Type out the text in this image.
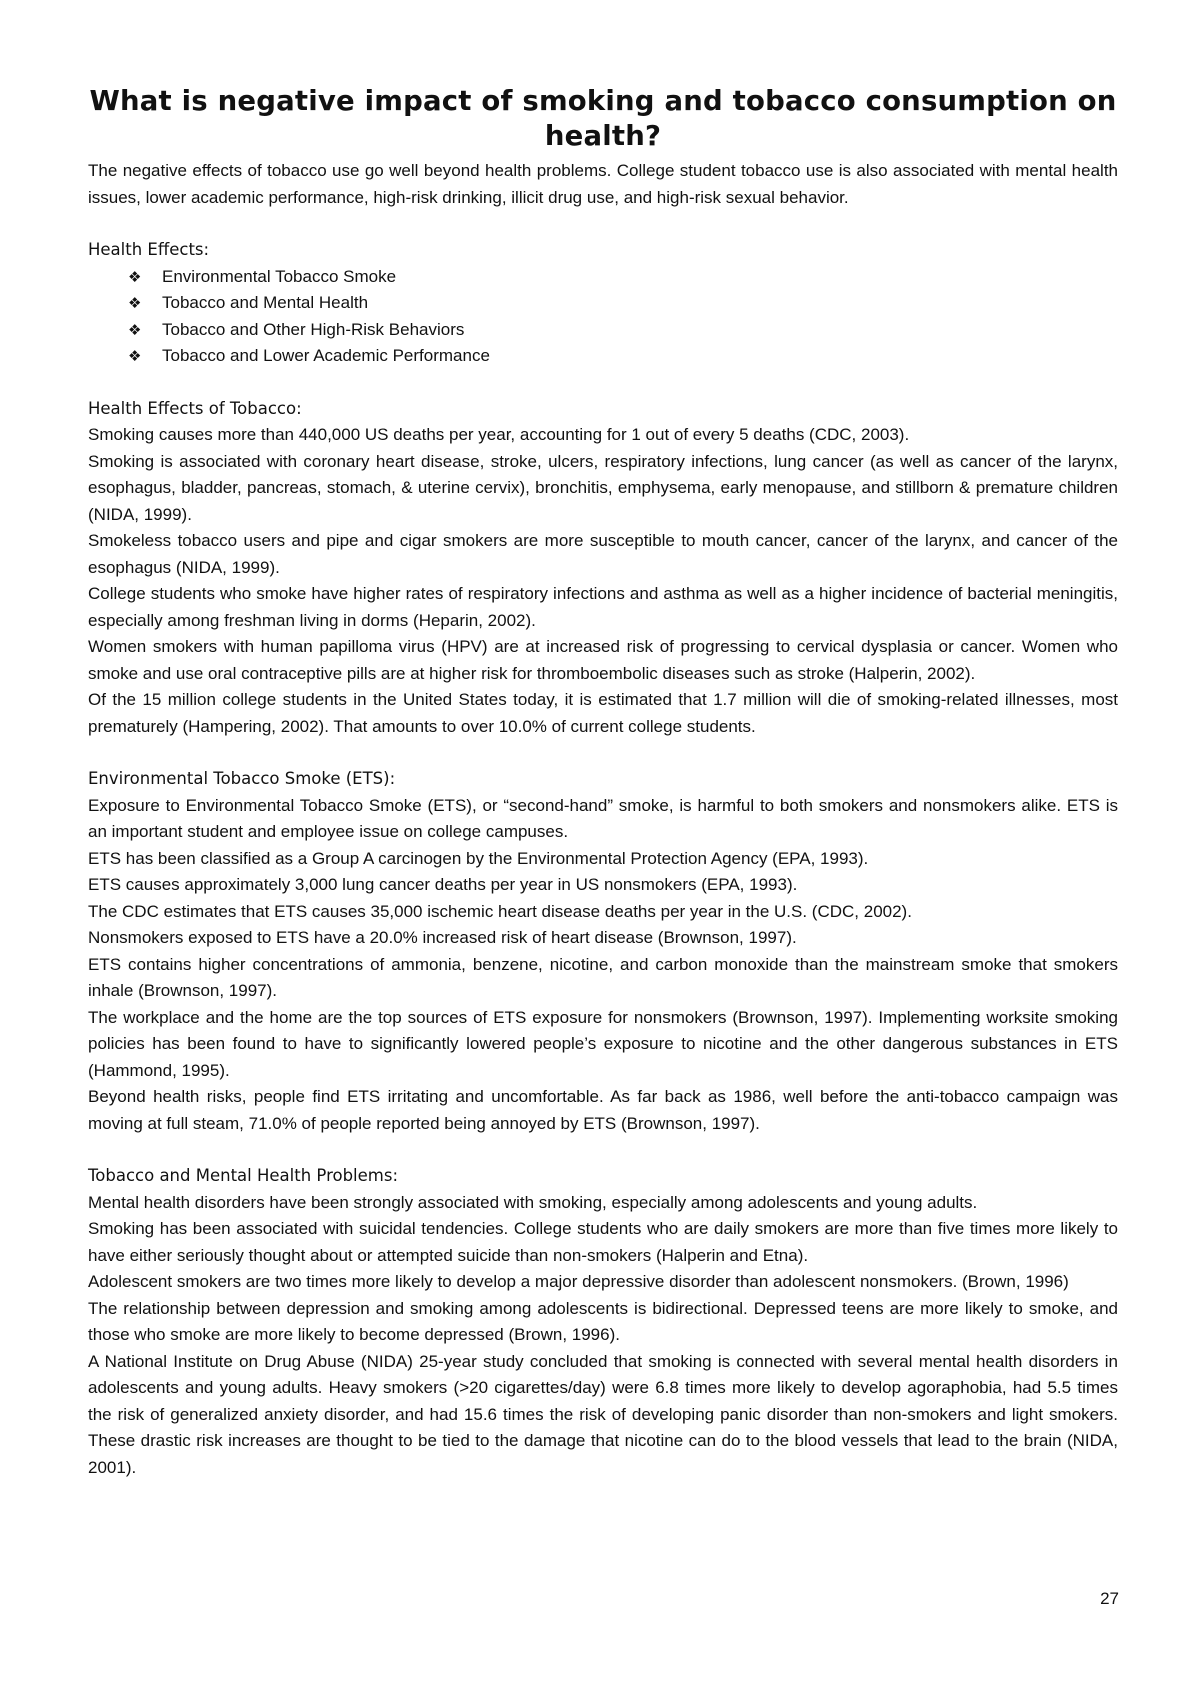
What is negative impact of smoking and tobacco consumption on health?

The negative effects of tobacco use go well beyond health problems. College student tobacco use is also associated with mental health issues, lower academic performance, high-risk drinking, illicit drug use, and high-risk sexual behavior.

Health Effects:
❖ Environmental Tobacco Smoke
❖ Tobacco and Mental Health
❖ Tobacco and Other High-Risk Behaviors
❖ Tobacco and Lower Academic Performance
Health Effects of Tobacco:

Smoking causes more than 440,000 US deaths per year, accounting for 1 out of every 5 deaths (CDC, 2003).

Smoking is associated with coronary heart disease, stroke, ulcers, respiratory infections, lung cancer (as well as cancer of the larynx, esophagus, bladder, pancreas, stomach, & uterine cervix), bronchitis, emphysema, early menopause, and stillborn & premature children (NIDA, 1999).

Smokeless tobacco users and pipe and cigar smokers are more susceptible to mouth cancer, cancer of the larynx, and cancer of the esophagus (NIDA, 1999).

College students who smoke have higher rates of respiratory infections and asthma as well as a higher incidence of bacterial meningitis, especially among freshman living in dorms (Heparin, 2002).

Women smokers with human papilloma virus (HPV) are at increased risk of progressing to cervical dysplasia or cancer. Women who smoke and use oral contraceptive pills are at higher risk for thromboembolic diseases such as stroke (Halperin, 2002).

Of the 15 million college students in the United States today, it is estimated that 1.7 million will die of smoking-related illnesses, most prematurely (Hampering, 2002). That amounts to over 10.0% of current college students.

Environmental Tobacco Smoke (ETS):

Exposure to Environmental Tobacco Smoke (ETS), or “second-hand” smoke, is harmful to both smokers and nonsmokers alike. ETS is an important student and employee issue on college campuses.

ETS has been classified as a Group A carcinogen by the Environmental Protection Agency (EPA, 1993).

ETS causes approximately 3,000 lung cancer deaths per year in US nonsmokers (EPA, 1993).

The CDC estimates that ETS causes 35,000 ischemic heart disease deaths per year in the U.S. (CDC, 2002).

Nonsmokers exposed to ETS have a 20.0% increased risk of heart disease (Brownson, 1997).

ETS contains higher concentrations of ammonia, benzene, nicotine, and carbon monoxide than the mainstream smoke that smokers inhale (Brownson, 1997).

The workplace and the home are the top sources of ETS exposure for nonsmokers (Brownson, 1997). Implementing worksite smoking policies has been found to have to significantly lowered people’s exposure to nicotine and the other dangerous substances in ETS (Hammond, 1995).

Beyond health risks, people find ETS irritating and uncomfortable. As far back as 1986, well before the anti-tobacco campaign was moving at full steam, 71.0% of people reported being annoyed by ETS (Brownson, 1997).

Tobacco and Mental Health Problems:

Mental health disorders have been strongly associated with smoking, especially among adolescents and young adults.

Smoking has been associated with suicidal tendencies. College students who are daily smokers are more than five times more likely to have either seriously thought about or attempted suicide than non-smokers (Halperin and Etna).

Adolescent smokers are two times more likely to develop a major depressive disorder than adolescent nonsmokers. (Brown, 1996)

The relationship between depression and smoking among adolescents is bidirectional. Depressed teens are more likely to smoke, and those who smoke are more likely to become depressed (Brown, 1996).

A National Institute on Drug Abuse (NIDA) 25-year study concluded that smoking is connected with several mental health disorders in adolescents and young adults. Heavy smokers (>20 cigarettes/day) were 6.8 times more likely to develop agoraphobia, had 5.5 times the risk of generalized anxiety disorder, and had 15.6 times the risk of developing panic disorder than non-smokers and light smokers. These drastic risk increases are thought to be tied to the damage that nicotine can do to the blood vessels that lead to the brain (NIDA, 2001).

27
